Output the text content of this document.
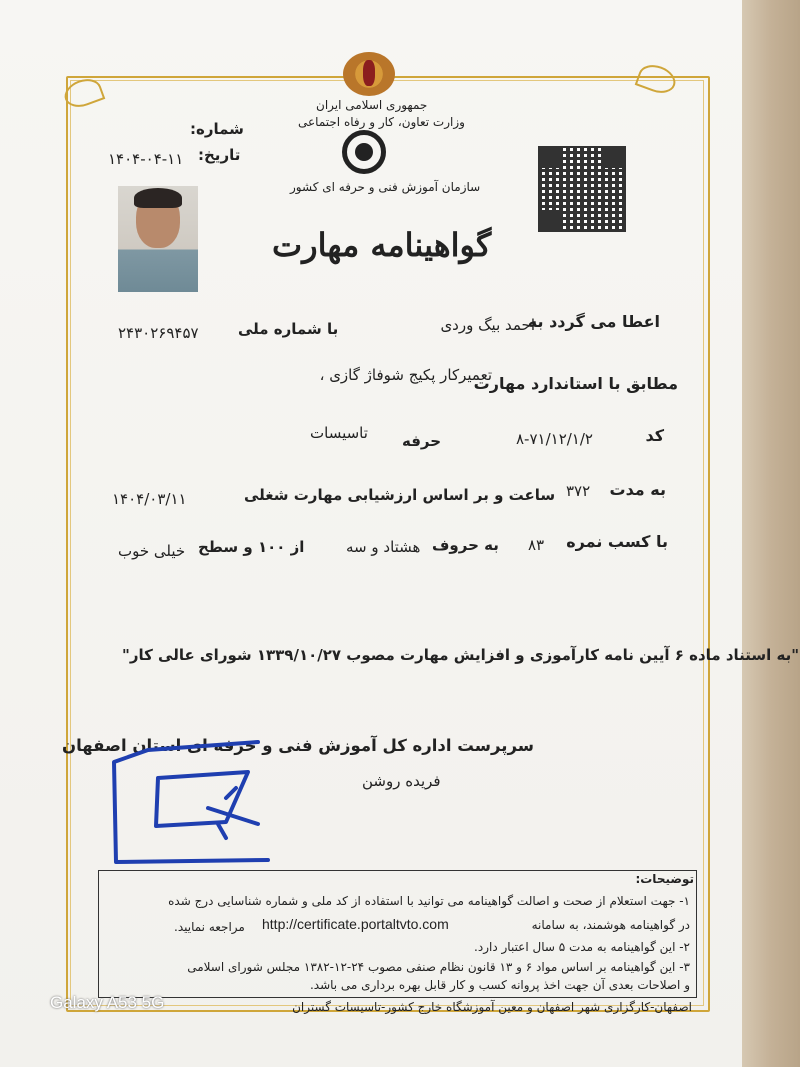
جمهوری اسلامی ایران
وزارت تعاون، کار و رفاه اجتماعی
سازمان آموزش فنی و حرفه ای کشور
شماره:
تاریخ:
۱۴۰۴-۰۴-۱۱
گواهینامه مهارت
اعطا می گردد به
احمد بیگ وردی
با شماره ملی
۲۴۳۰۲۶۹۴۵۷
مطابق با استاندارد مهارت
تعمیرکار پکیج شوفاژ گازی ،
کد
۸-۷۱/۱۲/۱/۲
حرفه
تاسیسات
به مدت
۳۷۲
ساعت و بر اساس ارزشیابی مهارت شغلی
۱۴۰۴/۰۳/۱۱
با کسب نمره
۸۳
به حروف
هشتاد و سه
از ۱۰۰ و سطح
خیلی خوب
"به استناد ماده ۶ آیین نامه کارآموزی و افزایش مهارت مصوب ۱۳۳۹/۱۰/۲۷ شورای عالی کار"
سرپرست اداره کل آموزش فنی و حرفه ای استان اصفهان
فریده روشن
توضیحات:
۱- جهت استعلام از صحت و اصالت گواهینامه می توانید با استفاده از کد ملی و شماره شناسایی درج شده
در گواهینامه هوشمند، به سامانه
http://certificate.portaltvto.com
مراجعه نمایید.
۲- این گواهینامه به مدت ۵ سال اعتبار دارد.
۳- این گواهینامه بر اساس مواد ۶ و ۱۳ قانون نظام صنفی مصوب ۲۴-۱۲-۱۳۸۲ مجلس شورای اسلامی
و اصلاحات بعدی آن جهت اخذ پروانه کسب و کار قابل بهره برداری می باشد.
اصفهان-کارگزاری شهر اصفهان و معین آموزشگاه خارج کشور-تاسیسات گستران
Galaxy A53 5G
